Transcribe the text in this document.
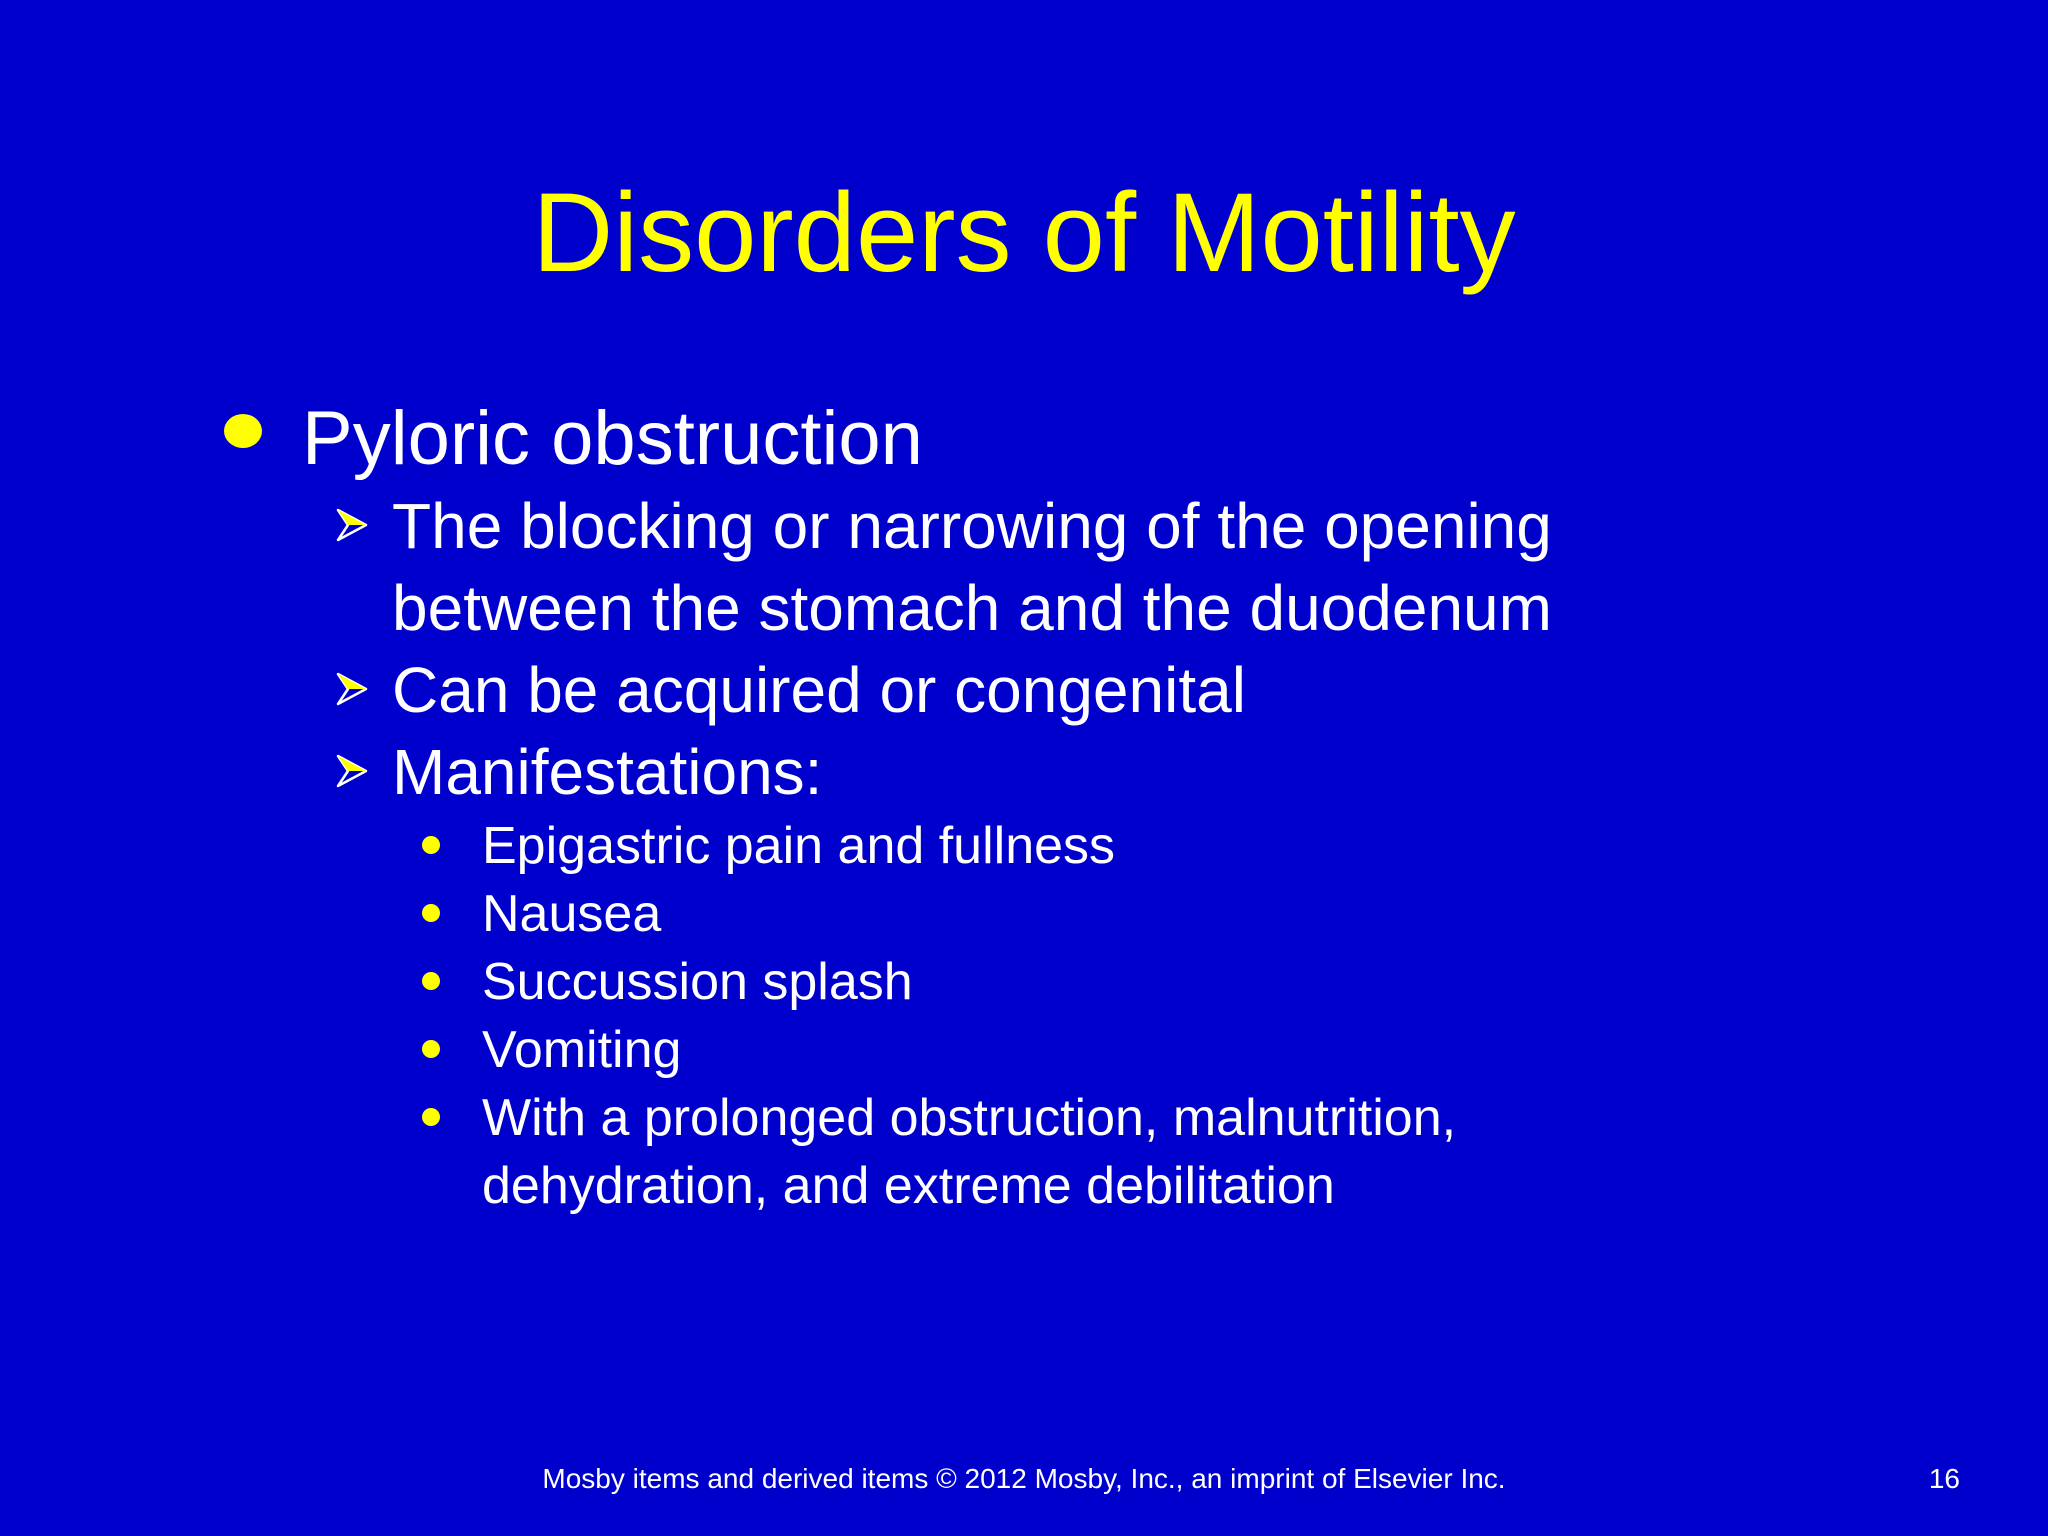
Disorders of Motility
Pyloric obstruction
The blocking or narrowing of the opening
between the stomach and the duodenum
Can be acquired or congenital
Manifestations:
Epigastric pain and fullness
Nausea
Succussion splash
Vomiting
With a prolonged obstruction, malnutrition,
dehydration, and extreme debilitation
Mosby items and derived items © 2012 Mosby, Inc., an imprint of Elsevier Inc.	16
